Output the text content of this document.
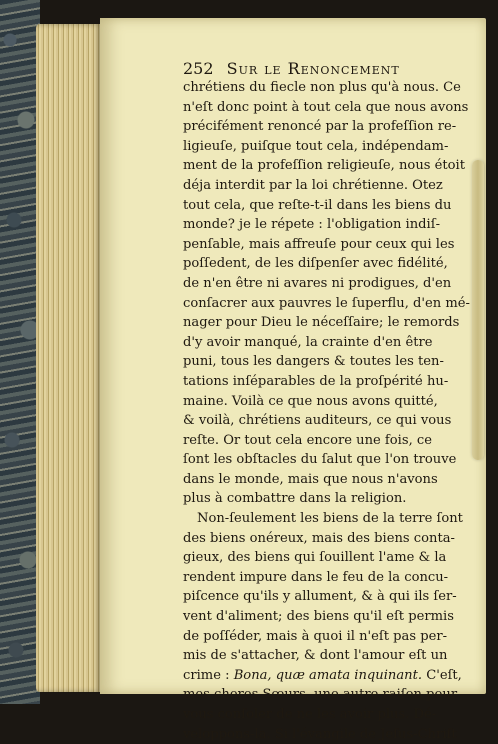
252 Sur le Renoncement
chrétiens du fiecle non plus qu'à nous. Ce
n'eſt donc point à tout cela que nous avons
précifément renoncé par la profeſſion re-
ligieuſe, puiſque tout cela, indépendam-
ment de la profeſſion religieuſe, nous étoit
déja interdit par la loi chrétienne. Otez
tout cela, que reſte-t-il dans les biens du
monde? je le répete : l'obligation indiſ-
penſable, mais affreuſe pour ceux qui les
poſſedent, de les diſpenſer avec fidélité,
de n'en être ni avares ni prodigues, d'en
conſacrer aux pauvres le ſuperflu, d'en mé-
nager pour Dieu le néceſſaire; le remords
d'y avoir manqué, la crainte d'en être
puni, tous les dangers & toutes les ten-
tations inſéparables de la proſpérité hu-
maine. Voilà ce que nous avons quitté,
& voilà, chrétiens auditeurs, ce qui vous
reſte. Or tout cela encore une fois, ce
ſont les obſtacles du ſalut que l'on trouve
dans le monde, mais que nous n'avons
plus à combattre dans la religion.
Non-ſeulement les biens de la terre ſont
des biens onéreux, mais des biens conta-
gieux, des biens qui ſouillent l'ame & la
rendent impure dans le feu de la concu-
piſcence qu'ils y allument, & à qui ils ſer-
vent d'aliment; des biens qu'il eſt permis
de poſſéder, mais à quoi il n'eſt pas per-
mis de s'attacher, & dont l'amour eſt un
crime : Bona, quæ amata inquinant. C'eſt,
mes cheres Sœurs, une autre raiſon pour
vous conſoler de ne les avoir plus. Dé-
veloppons-la. Si l'évangile de Jeſus-Chriſt
